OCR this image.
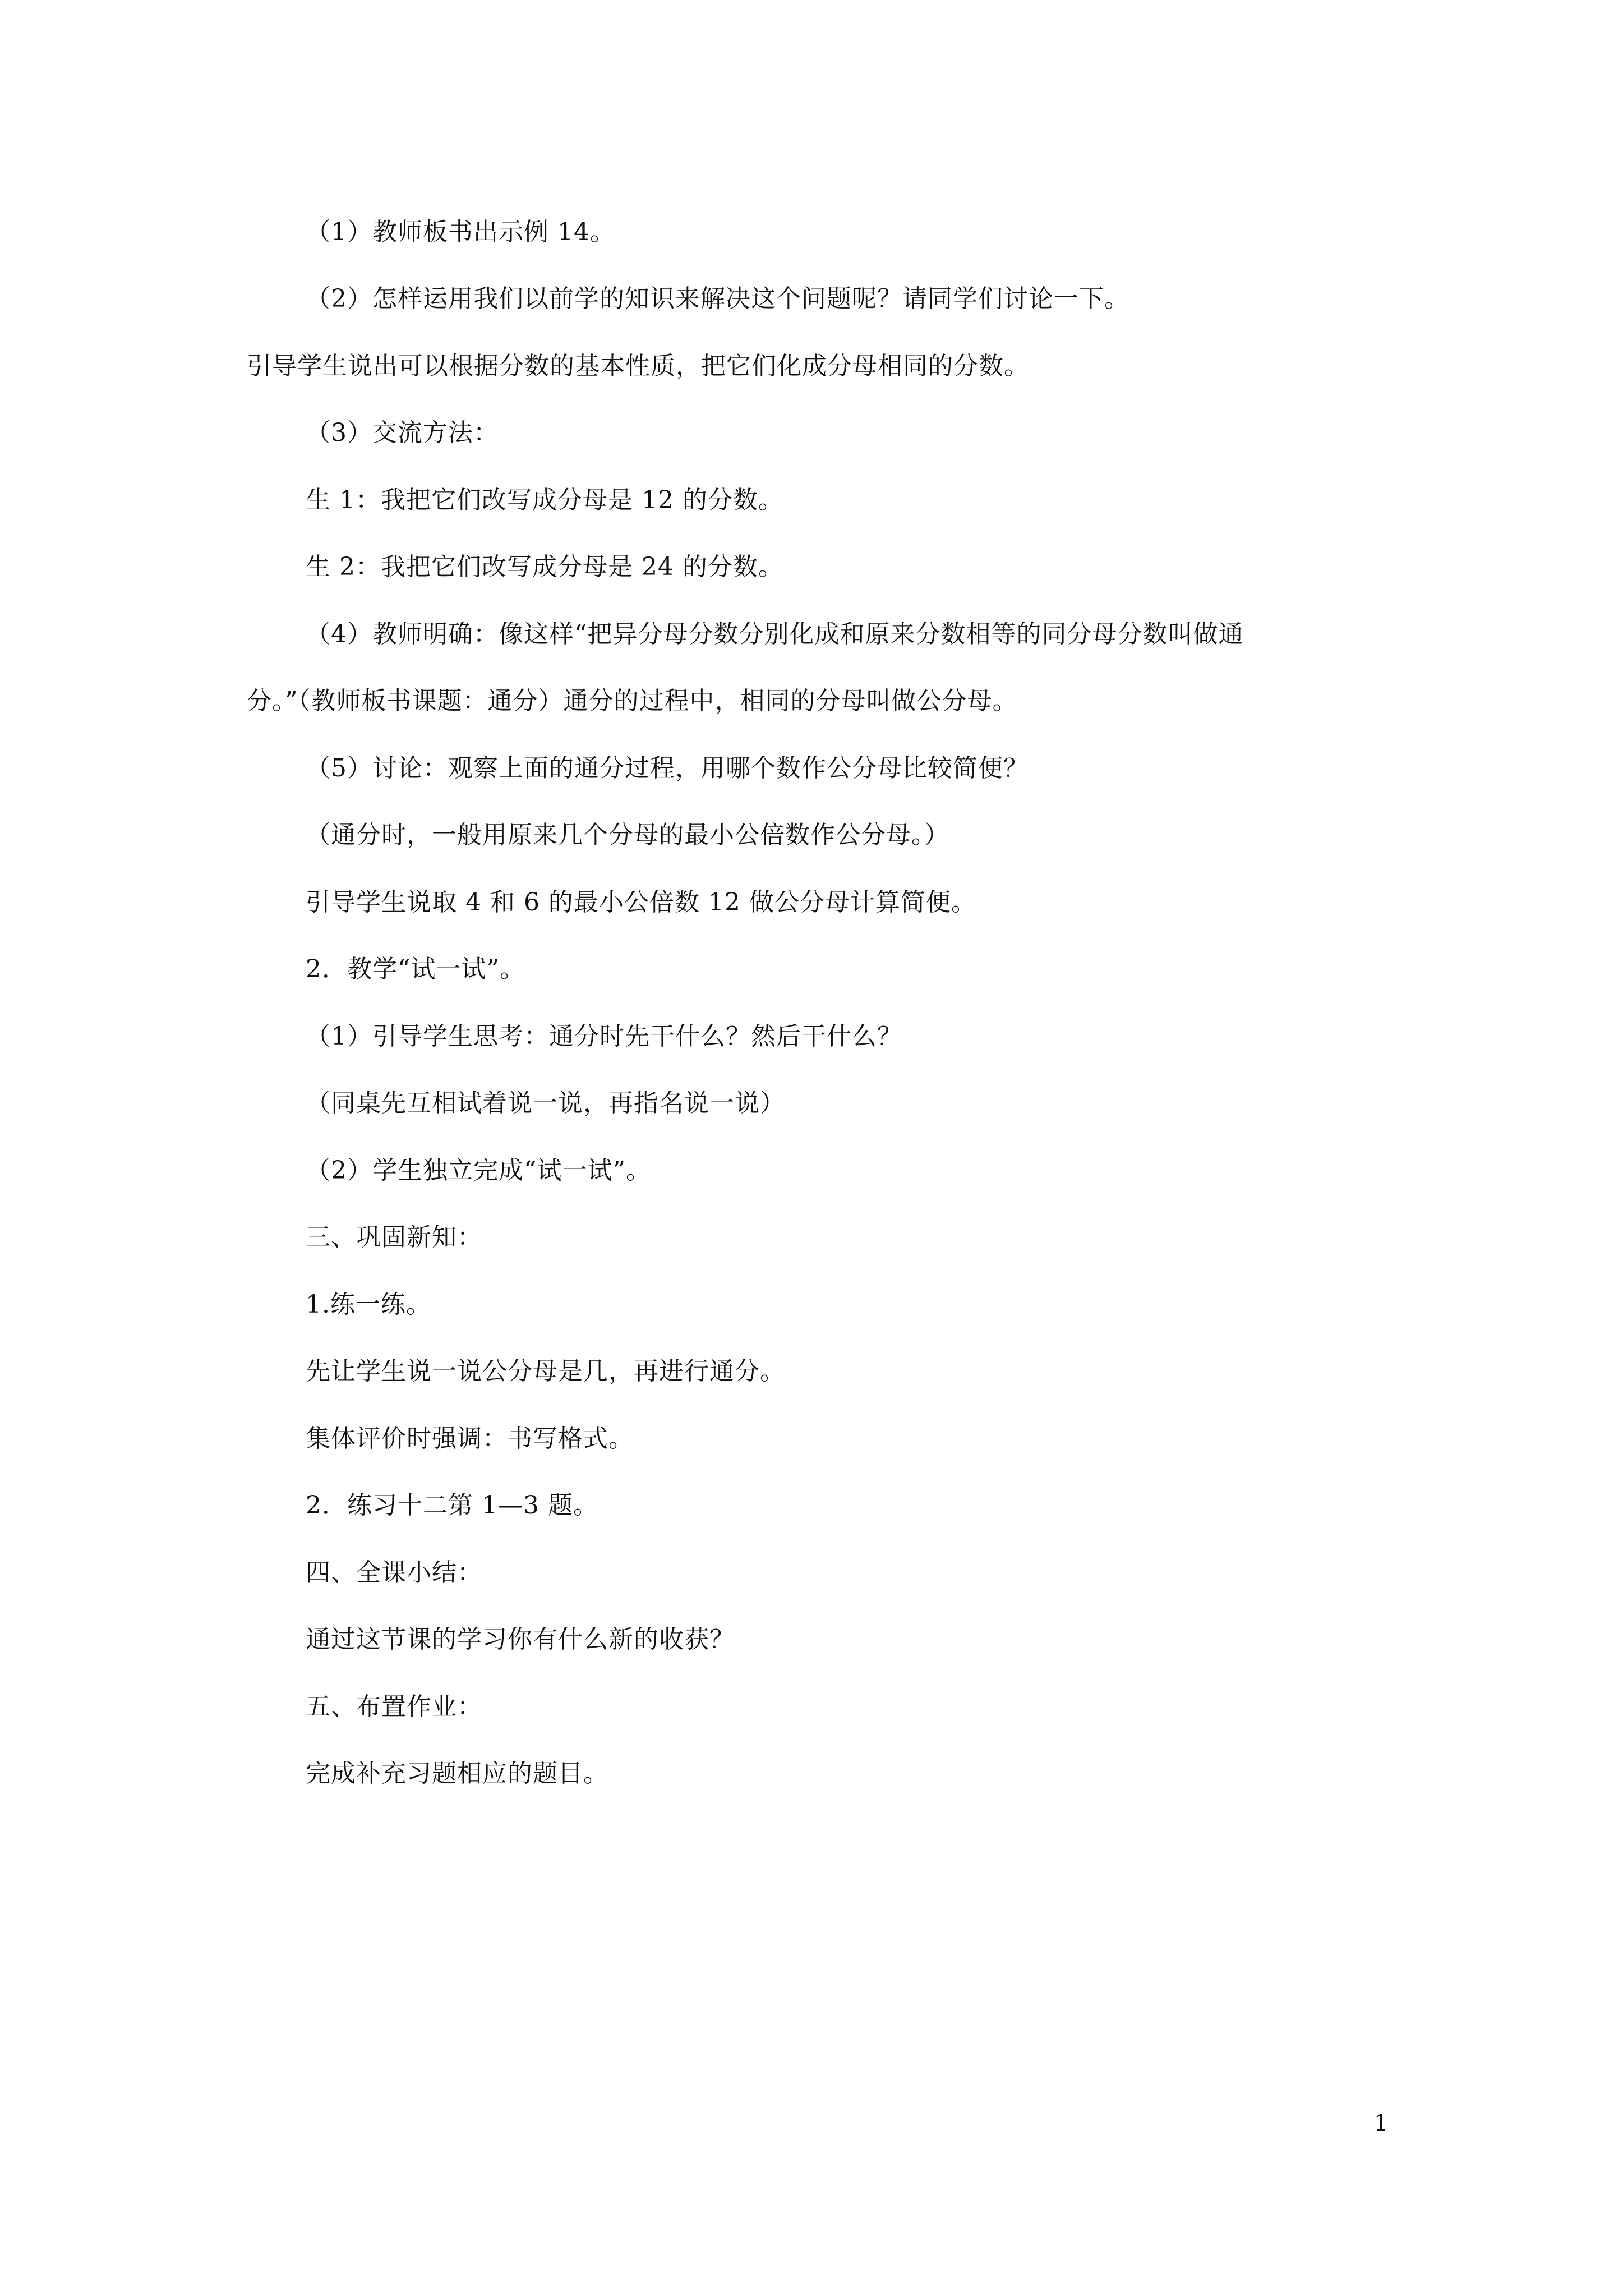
（1）教师板书出示例 14。
（2）怎样运用我们以前学的知识来解决这个问题呢？请同学们讨论一下。
引导学生说出可以根据分数的基本性质，把它们化成分母相同的分数。
（3）交流方法：
生 1：我把它们改写成分母是 12 的分数。
生 2：我把它们改写成分母是 24 的分数。
（4）教师明确：像这样“把异分母分数分别化成和原来分数相等的同分母分数叫做通
分。”（教师板书课题：通分）通分的过程中，相同的分母叫做公分母。
（5）讨论：观察上面的通分过程，用哪个数作公分母比较简便？
（通分时，一般用原来几个分母的最小公倍数作公分母。）
引导学生说取 4 和 6 的最小公倍数 12 做公分母计算简便。
2．教学“试一试”。
（1）引导学生思考：通分时先干什么？然后干什么？
（同桌先互相试着说一说，再指名说一说）
（2）学生独立完成“试一试”。
三、巩固新知：
1.练一练。
先让学生说一说公分母是几，再进行通分。
集体评价时强调：书写格式。
2．练习十二第 1—3 题。
四、全课小结：
通过这节课的学习你有什么新的收获？
五、布置作业：
完成补充习题相应的题目。
1
